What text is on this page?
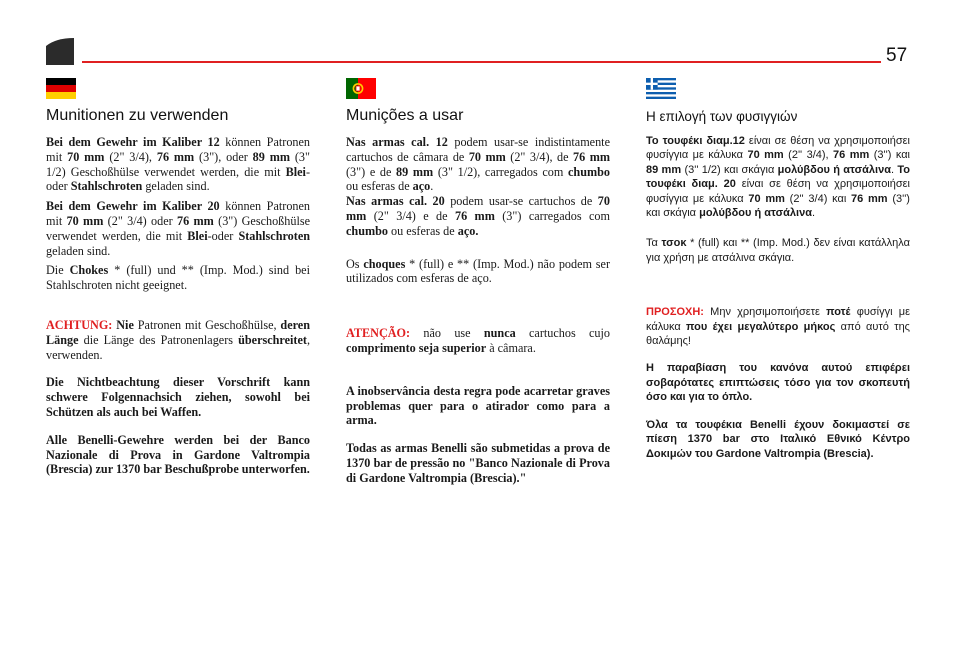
57
Munitionen zu verwenden

Bei dem Gewehr im Kaliber 12 können Patronen mit 70 mm (2" 3/4), 76 mm (3"), oder 89 mm (3" 1/2) Geschoßhülse verwendet werden, die mit Blei-oder Stahlschroten geladen sind.

Bei dem Gewehr im Kaliber 20 können Patronen mit 70 mm (2" 3/4) oder 76 mm (3") Geschoßhülse verwendet werden, die mit Blei-oder Stahlschroten geladen sind.

Die Chokes * (full) und ** (Imp. Mod.) sind bei Stahlschroten nicht geeignet.

ACHTUNG: Nie Patronen mit Geschoßhülse, deren Länge die Länge des Patronenlagers überschreitet, verwenden.

Die Nichtbeachtung dieser Vorschrift kann schwere Folgennachsich ziehen, sowohl bei Schützen als auch bei Waffen.

Alle Benelli-Gewehre werden bei der Banco Nazionale di Prova in Gardone Valtrompia (Brescia) zur 1370 bar Beschußprobe unterworfen.

Munições a usar

Nas armas cal. 12 podem usar-se indistintamente cartuchos de câmara de 70 mm (2" 3/4), de 76 mm (3") e de 89 mm (3" 1/2), carregados com chumbo ou esferas de aço.
Nas armas cal. 20 podem usar-se cartuchos de 70 mm (2" 3/4) e de 76 mm (3") carregados com chumbo ou esferas de aço.

Os choques * (full) e ** (Imp. Mod.) não podem ser utilizados com esferas de aço.

ATENÇÃO: não use nunca cartuchos cujo comprimento seja superior à câmara.

A inobservância desta regra pode acarretar graves problemas quer para o atirador como para a arma.

Todas as armas Benelli são submetidas a prova de 1370 bar de pressão no "Banco Nazionale di Prova di Gardone Valtrompia (Brescia)."

Η επιλογή των φυσιγγιών

Το τουφέκι διαμ.12 είναι σε θέση να χρησιμοποιήσει φυσίγγια με κάλυκα 70 mm (2'' 3/4), 76 mm (3'') και 89 mm (3'' 1/2) και σκάγια μολύβδου ή ατσάλινα. Το τουφέκι διαμ. 20 είναι σε θέση να χρησιμοποιήσει φυσίγγια με κάλυκα 70 mm (2'' 3/4) και 76 mm (3'') και σκάγια μολύβδου ή ατσάλινα.

Τα τσοκ * (full) και ** (Imp. Mod.) δεν είναι κατάλληλα για χρήση με ατσάλινα σκάγια.

ΠΡΟΣΟΧΗ: Μην χρησιμοποιήσετε ποτέ φυσίγγι με κάλυκα που έχει μεγαλύτερο μήκος από αυτό της θαλάμης!

Η παραβίαση του κανόνα αυτού επιφέρει σοβαρότατες επιπτώσεις τόσο για τον σκοπευτή όσο και για το όπλο.

Όλα τα τουφέκια Benelli έχουν δοκιμαστεί σε πίεση 1370 bar στο Ιταλικό Εθνικό Κέντρο Δοκιμών του Gardone Valtrompia (Brescia).
